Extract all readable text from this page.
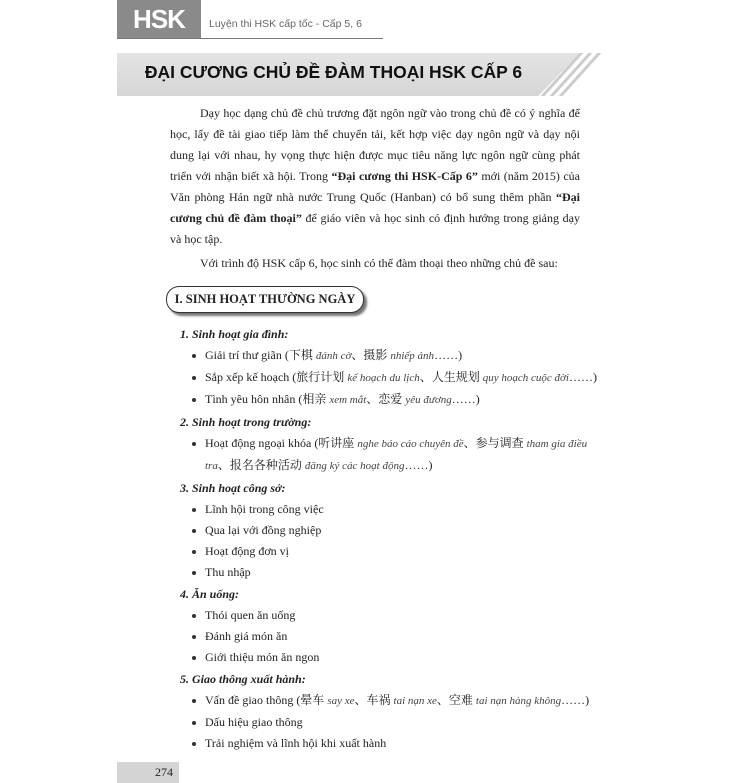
HSK	Luyện thi HSK cấp tốc - Cấp 5, 6
ĐẠI CƯƠNG CHỦ ĐỀ ĐÀM THOẠI HSK CẤP 6

Dạy học dạng chủ đề chủ trương đặt ngôn ngữ vào trong chủ đề có ý nghĩa để học, lấy đề tài giao tiếp làm thể chuyển tải, kết hợp việc dạy ngôn ngữ và dạy nội dung lại với nhau, hy vọng thực hiện được mục tiêu năng lực ngôn ngữ cùng phát triển với nhận biết xã hội. Trong “Đại cương thi HSK-Cấp 6” mới (năm 2015) của Văn phòng Hán ngữ nhà nước Trung Quốc (Hanban) có bổ sung thêm phần “Đại cương chủ đề đàm thoại” để giáo viên và học sinh có định hướng trong giảng dạy và học tập.

Với trình độ HSK cấp 6, học sinh có thể đàm thoại theo những chủ đề sau:

I. SINH HOẠT THƯỜNG NGÀY
1. Sinh hoạt gia đình:
Giải trí thư giãn (下棋 đánh cờ、摄影 nhiếp ảnh……)
Sắp xếp kế hoạch (旅行计划 kế hoạch du lịch、人生规划 quy hoạch cuộc đời……)
Tình yêu hôn nhân (相亲 xem mắt、恋爱 yêu đương……)
2. Sinh hoạt trong trường:
Hoạt động ngoại khóa (听讲座 nghe báo cáo chuyên đề、参与调查 tham gia điều tra、报名各种活动 đăng ký các hoạt động……)
3. Sinh hoạt công sở:
Lĩnh hội trong công việc
Qua lại với đồng nghiệp
Hoạt động đơn vị
Thu nhập
4. Ăn uống:
Thói quen ăn uống
Đánh giá món ăn
Giới thiệu món ăn ngon
5. Giao thông xuất hành:
Vấn đề giao thông (晕车 say xe、车祸 tai nạn xe、空难 tai nạn hàng không……)
Dấu hiệu giao thông
Trải nghiệm và lĩnh hội khi xuất hành
274
